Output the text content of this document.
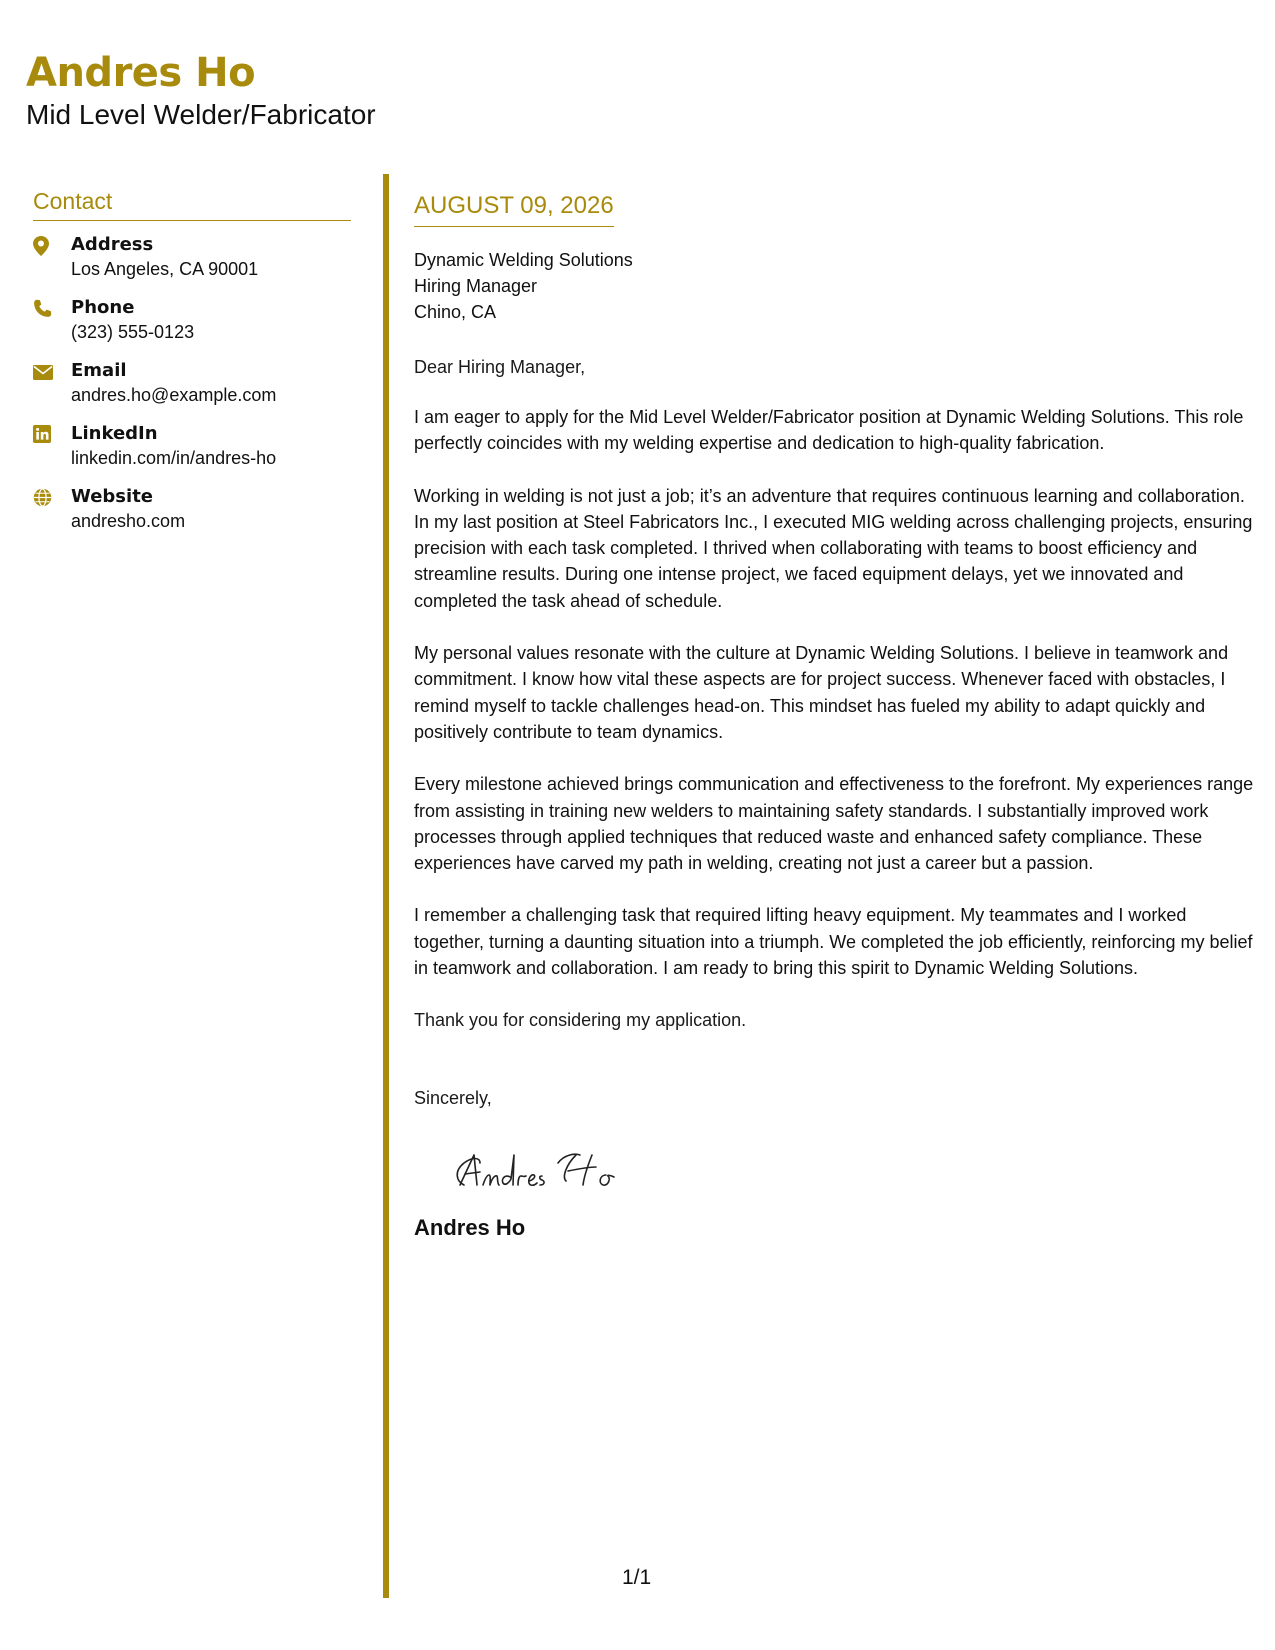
Andres Ho
Mid Level Welder/Fabricator
Contact
Address
Los Angeles, CA 90001
Phone
(323) 555-0123
Email
andres.ho@example.com
LinkedIn
linkedin.com/in/andres-ho
Website
andresho.com
AUGUST 09, 2026
Dynamic Welding Solutions
Hiring Manager
Chino, CA
Dear Hiring Manager,
I am eager to apply for the Mid Level Welder/Fabricator position at Dynamic Welding Solutions. This role perfectly coincides with my welding expertise and dedication to high-quality fabrication.
Working in welding is not just a job; it’s an adventure that requires continuous learning and collaboration. In my last position at Steel Fabricators Inc., I executed MIG welding across challenging projects, ensuring precision with each task completed. I thrived when collaborating with teams to boost efficiency and streamline results. During one intense project, we faced equipment delays, yet we innovated and completed the task ahead of schedule.
My personal values resonate with the culture at Dynamic Welding Solutions. I believe in teamwork and commitment. I know how vital these aspects are for project success. Whenever faced with obstacles, I remind myself to tackle challenges head-on. This mindset has fueled my ability to adapt quickly and positively contribute to team dynamics.
Every milestone achieved brings communication and effectiveness to the forefront. My experiences range from assisting in training new welders to maintaining safety standards. I substantially improved work processes through applied techniques that reduced waste and enhanced safety compliance. These experiences have carved my path in welding, creating not just a career but a passion.
I remember a challenging task that required lifting heavy equipment. My teammates and I worked together, turning a daunting situation into a triumph. We completed the job efficiently, reinforcing my belief in teamwork and collaboration. I am ready to bring this spirit to Dynamic Welding Solutions.
Thank you for considering my application.
Sincerely,
Andres Ho
1/1
